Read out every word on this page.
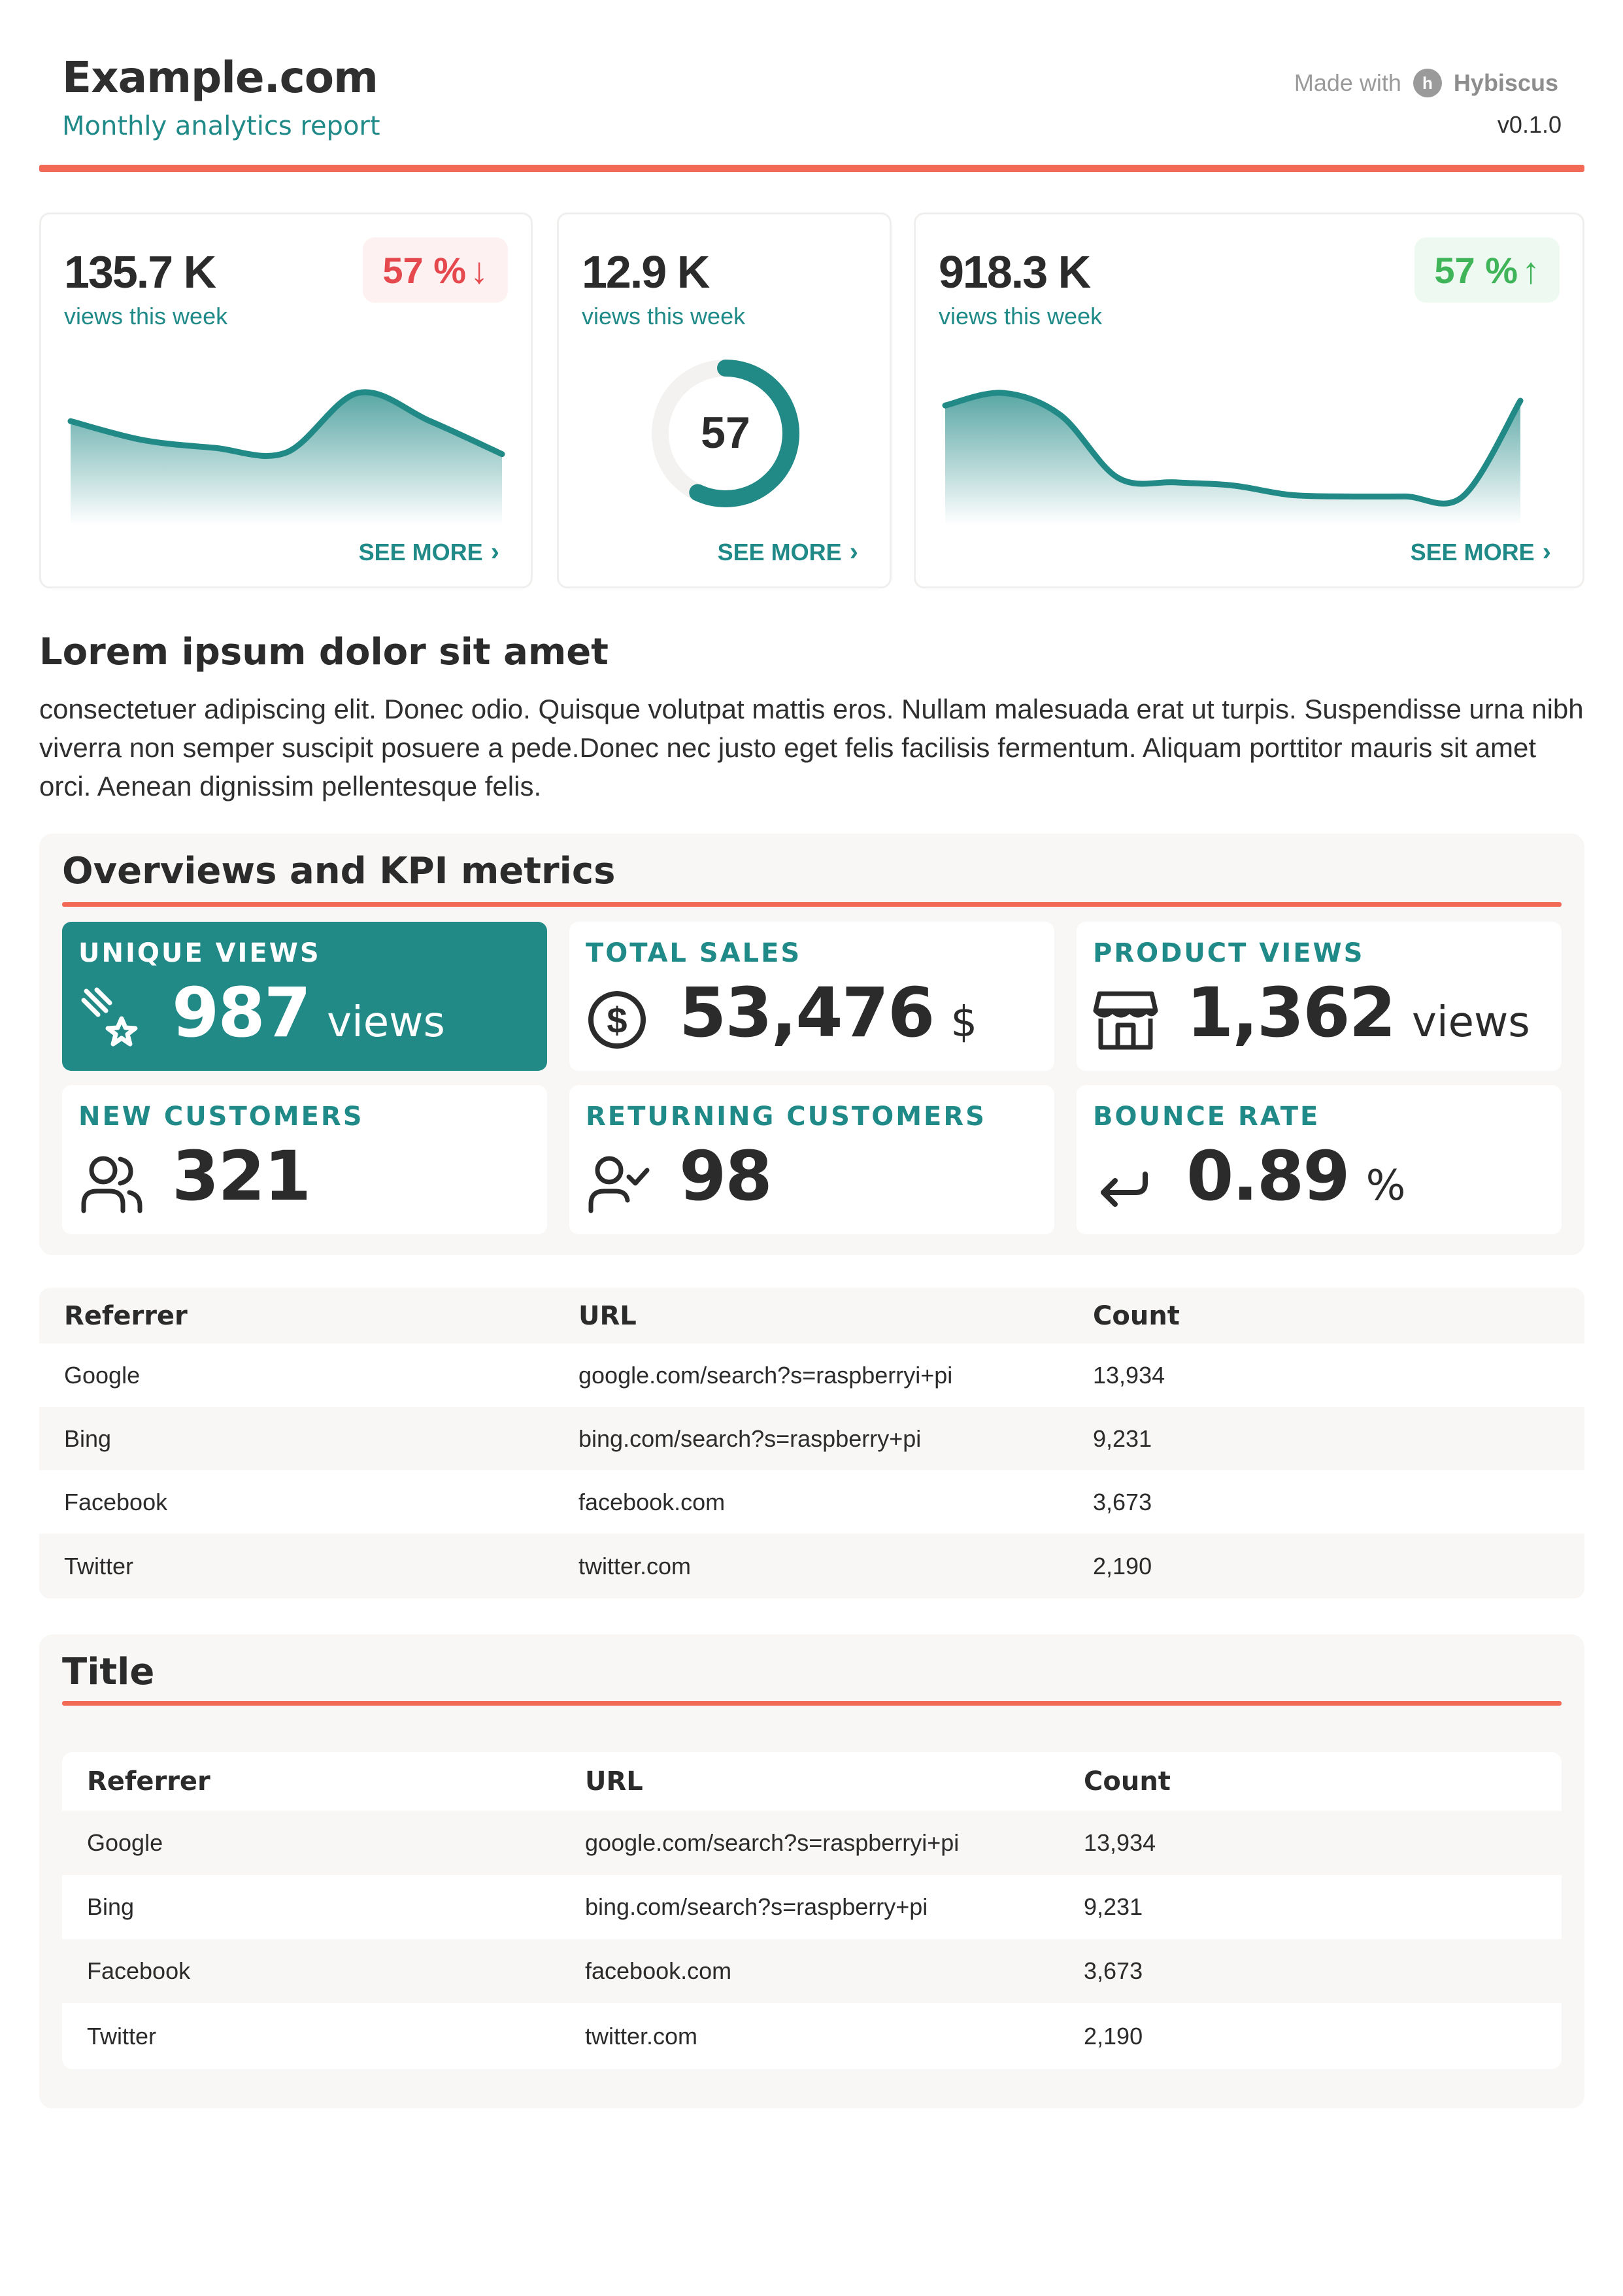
Example.com
Monthly analytics report
Made with	h Hybiscus
v0.1.0
135.7 K
views this week
57 % ↓
SEE MORE ›
12.9 K
views this week
57
SEE MORE ›
918.3 K
views this week
57 % ↑
SEE MORE ›
Lorem ipsum dolor sit amet
consectetuer adipiscing elit. Donec odio. Quisque volutpat mattis eros. Nullam malesuada erat ut turpis. Suspendisse urna nibh viverra non semper suscipit posuere a pede.Donec nec justo eget felis facilisis fermentum. Aliquam porttitor mauris sit amet orci. Aenean dignissim pellentesque felis.
Overviews and KPI metrics
UNIQUE VIEWS
987 views
TOTAL SALES
$ 53,476 $
PRODUCT VIEWS
1,362 views
NEW CUSTOMERS
321
RETURNING CUSTOMERS
98
BOUNCE RATE
0.89 %
Referrer	URL	Count
Google	google.com/search?s=raspberryi+pi	13,934
Bing	bing.com/search?s=raspberry+pi	9,231
Facebook	facebook.com	3,673
Twitter	twitter.com	2,190
Title
Referrer	URL	Count
Google	google.com/search?s=raspberryi+pi	13,934
Bing	bing.com/search?s=raspberry+pi	9,231
Facebook	facebook.com	3,673
Twitter	twitter.com	2,190
